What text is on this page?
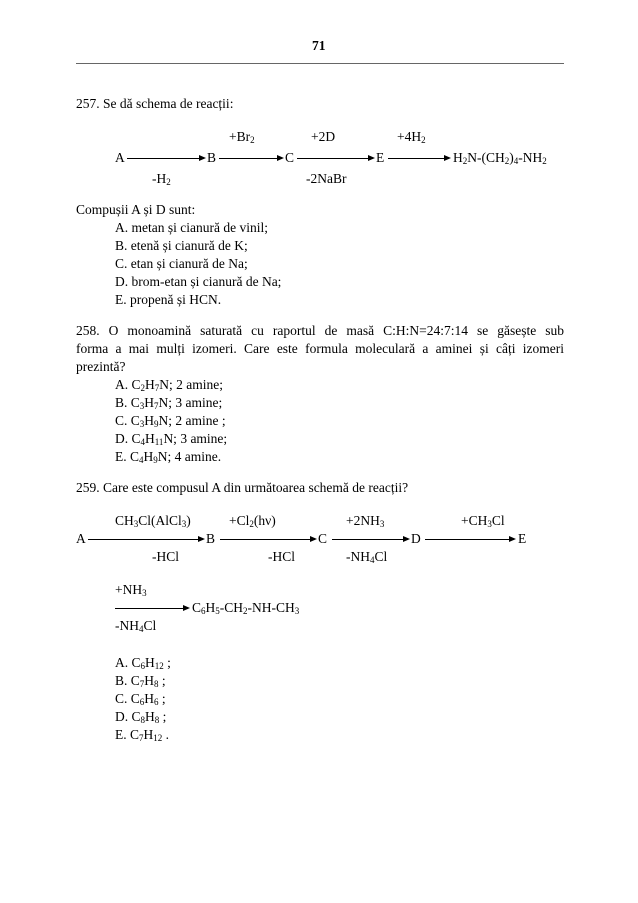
71
257. Se dă schema de reacții:
$+Br_2$	+2D	$+4H_2$
A	B	C	E	$H_2N-(CH_2)_4-NH_2$
$-H_2$	-2NaBr
Compușii A și D sunt:
A. metan și cianură de vinil;
B. etenă și cianură de K;
C. etan și cianură de Na;
D. brom-etan și cianură de Na;
E. propenă și HCN.
258. O monoamină saturată cu raportul de masă C:H:N=24:7:14 se găsește sub
forma a mai mulți izomeri. Care este formula moleculară a aminei și câți izomeri
prezintă?
A. $C_2H_7N$; 2 amine;
B. $C_3H_7N$; 3 amine;
C. $C_3H_9N$; 2 amine ;
D. $C_4H_{11}N$; 3 amine;
E. $C_4H_9N$; 4 amine.
259. Care este compusul A din următoarea schemă de reacții?
$CH_3Cl(AlCl_3)$	$+Cl_2(h\nu)$	$+2NH_3$	$+CH_3Cl$
A	B	C	D	E
-HCl	-HCl	$-NH_4Cl$
$+NH_3$
$C_6H_5-CH_2-NH-CH_3$
$-NH_4Cl$
A. $C_6H_{12}$ ;
B. $C_7H_8$ ;
C. $C_6H_6$ ;
D. $C_8H_8$ ;
E. $C_7H_{12}$ .
